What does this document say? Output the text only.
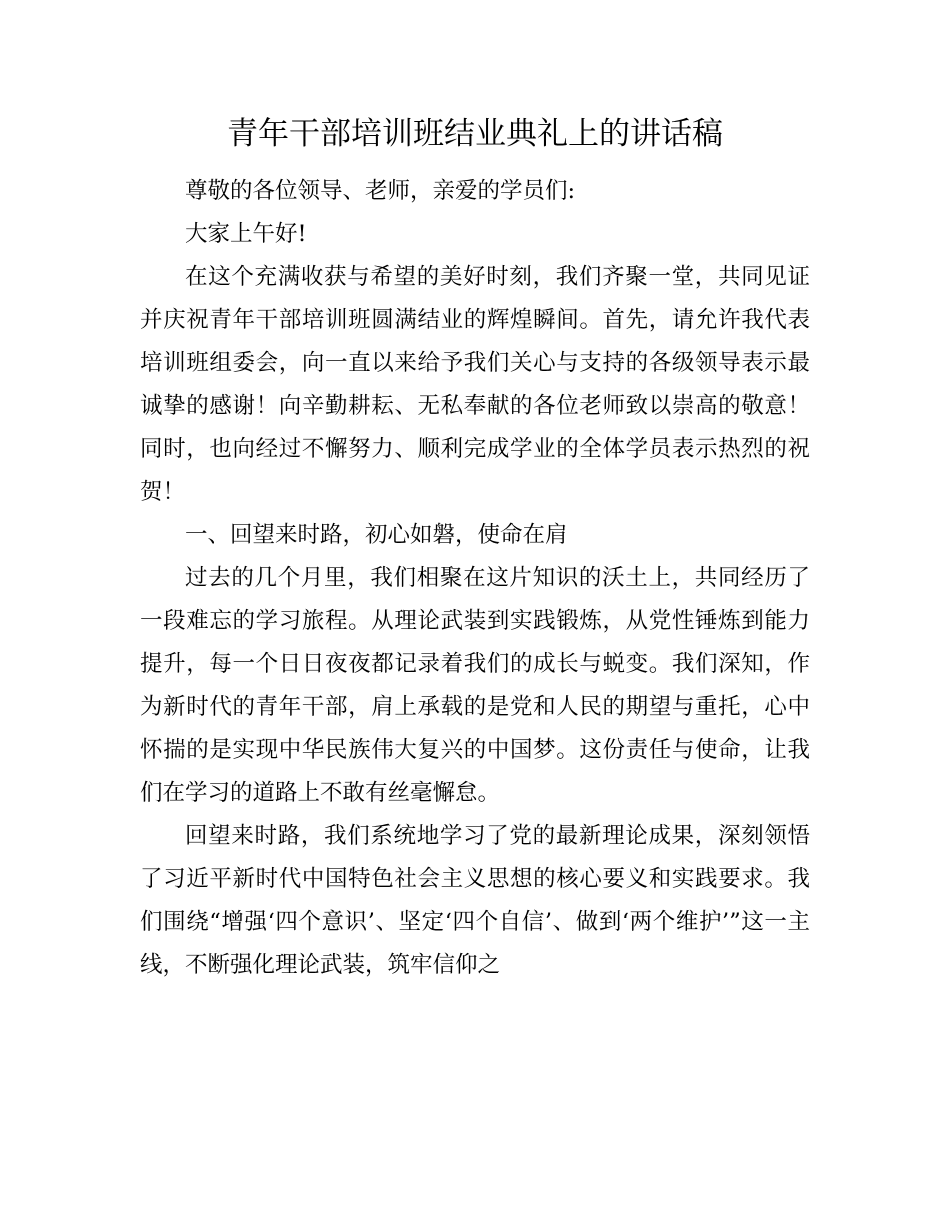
青年干部培训班结业典礼上的讲话稿

尊敬的各位领导、老师，亲爱的学员们:

大家上午好!

在这个充满收获与希望的美好时刻，我们齐聚一堂，共同见证并庆祝青年干部培训班圆满结业的辉煌瞬间。首先，请允许我代表培训班组委会，向一直以来给予我们关心与支持的各级领导表示最诚挚的感谢！向辛勤耕耘、无私奉献的各位老师致以崇高的敬意！同时，也向经过不懈努力、顺利完成学业的全体学员表示热烈的祝贺！

一、回望来时路，初心如磐，使命在肩

过去的几个月里，我们相聚在这片知识的沃土上，共同经历了一段难忘的学习旅程。从理论武装到实践锻炼，从党性锤炼到能力提升，每一个日日夜夜都记录着我们的成长与蜕变。我们深知，作为新时代的青年干部，肩上承载的是党和人民的期望与重托，心中怀揣的是实现中华民族伟大复兴的中国梦。这份责任与使命，让我们在学习的道路上不敢有丝毫懈怠。

回望来时路，我们系统地学习了党的最新理论成果，深刻领悟了习近平新时代中国特色社会主义思想的核心要义和实践要求。我们围绕“增强‘四个意识’、坚定‘四个自信’、做到‘两个维护’”这一主线，不断强化理论武装，筑牢信仰之
